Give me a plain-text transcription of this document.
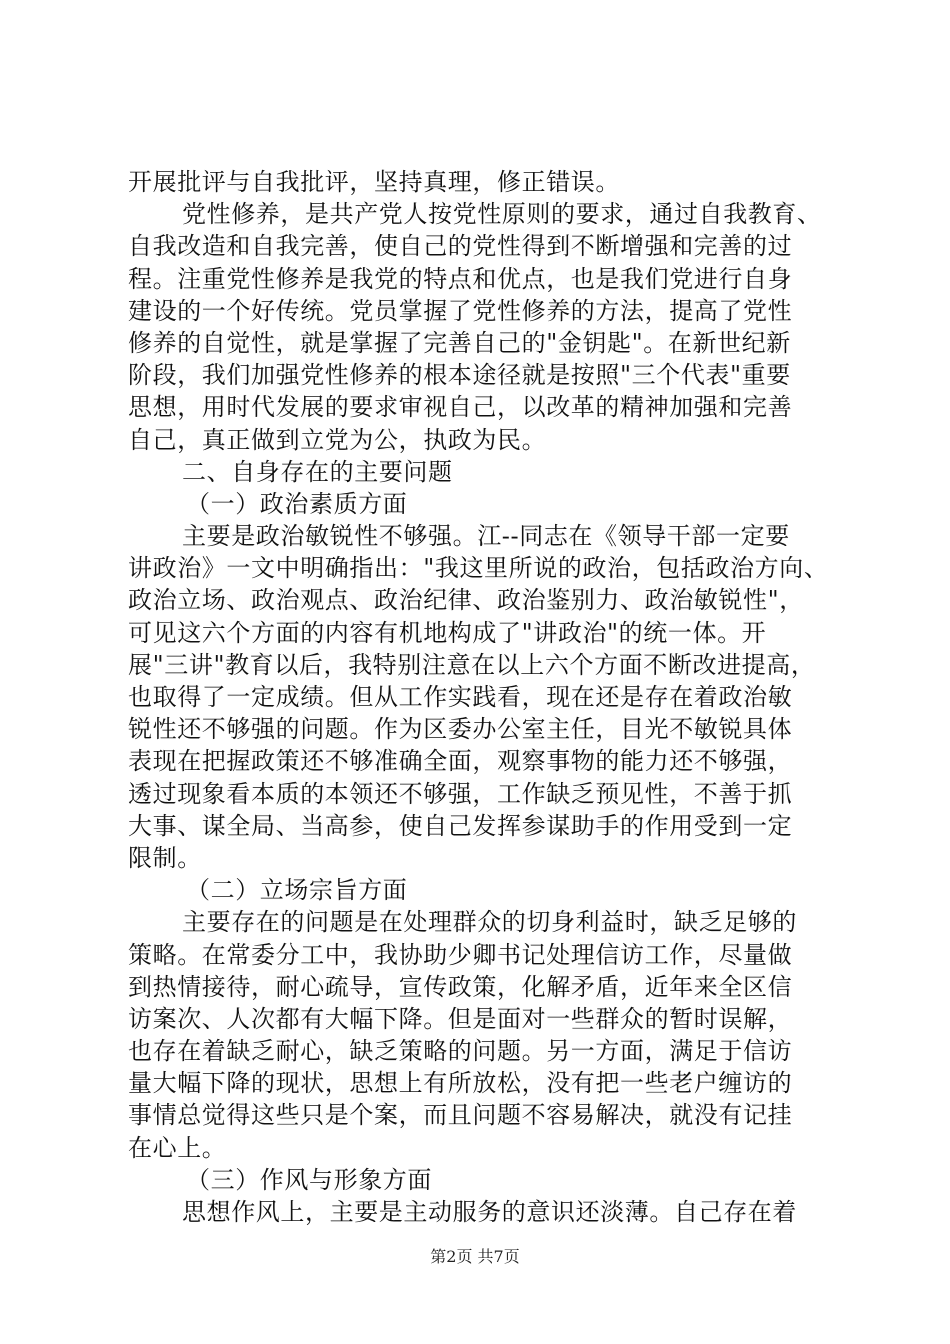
开展批评与自我批评，坚持真理，修正错误。
党性修养，是共产党人按党性原则的要求，通过自我教育、
自我改造和自我完善，使自己的党性得到不断增强和完善的过
程。注重党性修养是我党的特点和优点，也是我们党进行自身
建设的一个好传统。党员掌握了党性修养的方法，提高了党性
修养的自觉性，就是掌握了完善自己的"金钥匙"。在新世纪新
阶段，我们加强党性修养的根本途径就是按照"三个代表"重要
思想，用时代发展的要求审视自己，以改革的精神加强和完善
自己，真正做到立党为公，执政为民。
二、自身存在的主要问题
（一）政治素质方面
主要是政治敏锐性不够强。江--同志在《领导干部一定要
讲政治》一文中明确指出："我这里所说的政治，包括政治方向、
政治立场、政治观点、政治纪律、政治鉴别力、政治敏锐性"，
可见这六个方面的内容有机地构成了"讲政治"的统一体。开
展"三讲"教育以后，我特别注意在以上六个方面不断改进提高，
也取得了一定成绩。但从工作实践看，现在还是存在着政治敏
锐性还不够强的问题。作为区委办公室主任，目光不敏锐具体
表现在把握政策还不够准确全面，观察事物的能力还不够强，
透过现象看本质的本领还不够强，工作缺乏预见性，不善于抓
大事、谋全局、当高参，使自己发挥参谋助手的作用受到一定
限制。
（二）立场宗旨方面
主要存在的问题是在处理群众的切身利益时，缺乏足够的
策略。在常委分工中，我协助少卿书记处理信访工作，尽量做
到热情接待，耐心疏导，宣传政策，化解矛盾，近年来全区信
访案次、人次都有大幅下降。但是面对一些群众的暂时误解，
也存在着缺乏耐心，缺乏策略的问题。另一方面，满足于信访
量大幅下降的现状，思想上有所放松，没有把一些老户缠访的
事情总觉得这些只是个案，而且问题不容易解决，就没有记挂
在心上。
（三）作风与形象方面
思想作风上，主要是主动服务的意识还淡薄。自己存在着
第2页 共7页
